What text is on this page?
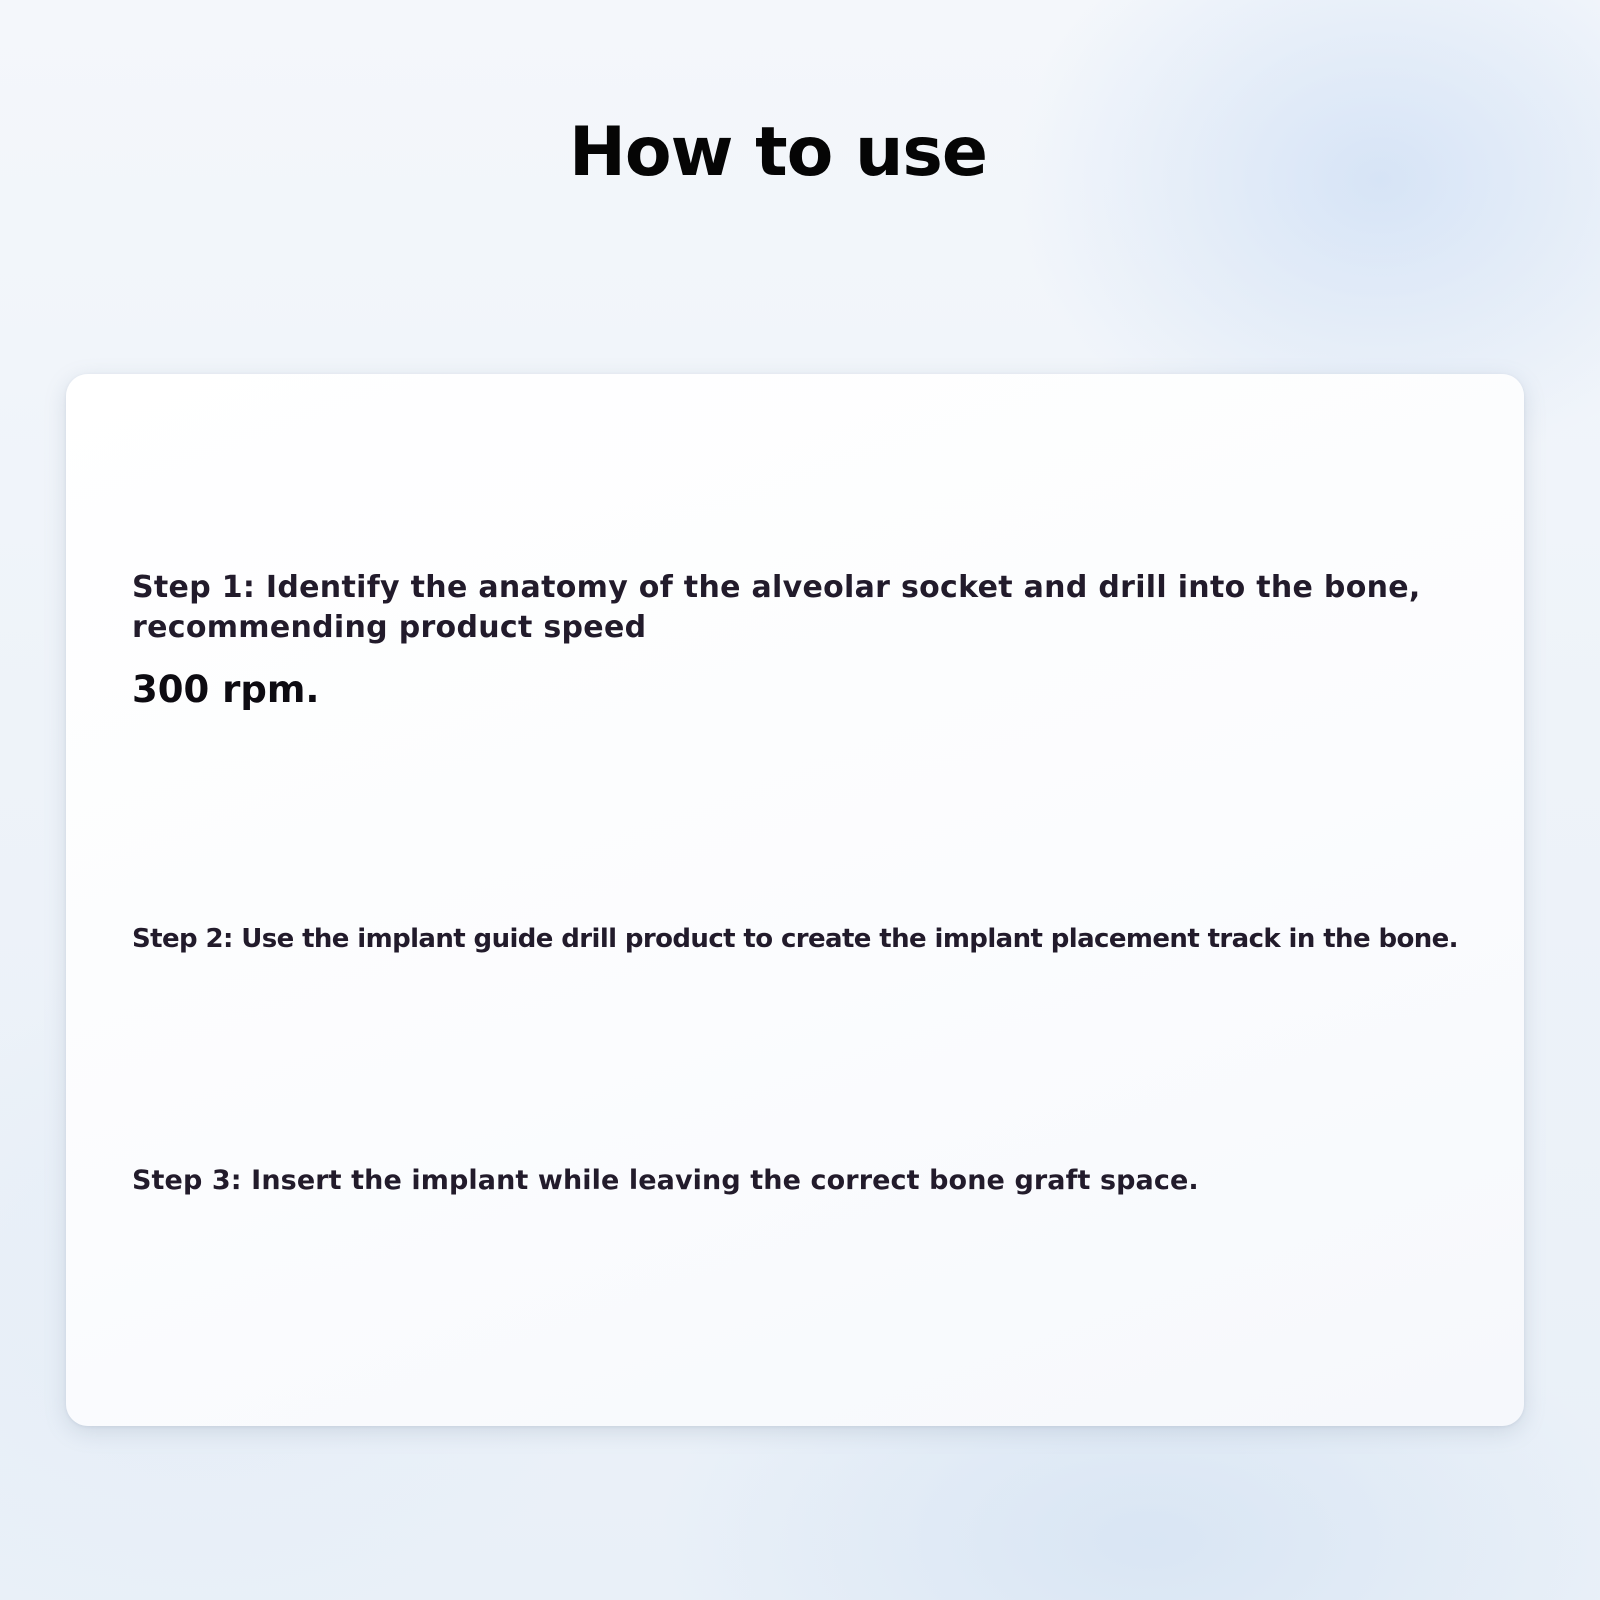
How to use

Step 1: Identify the anatomy of the alveolar socket and drill into the bone, recommending product speed

300 rpm.

Step 2: Use the implant guide drill product to create the implant placement track in the bone.

Step 3: Insert the implant while leaving the correct bone graft space.
